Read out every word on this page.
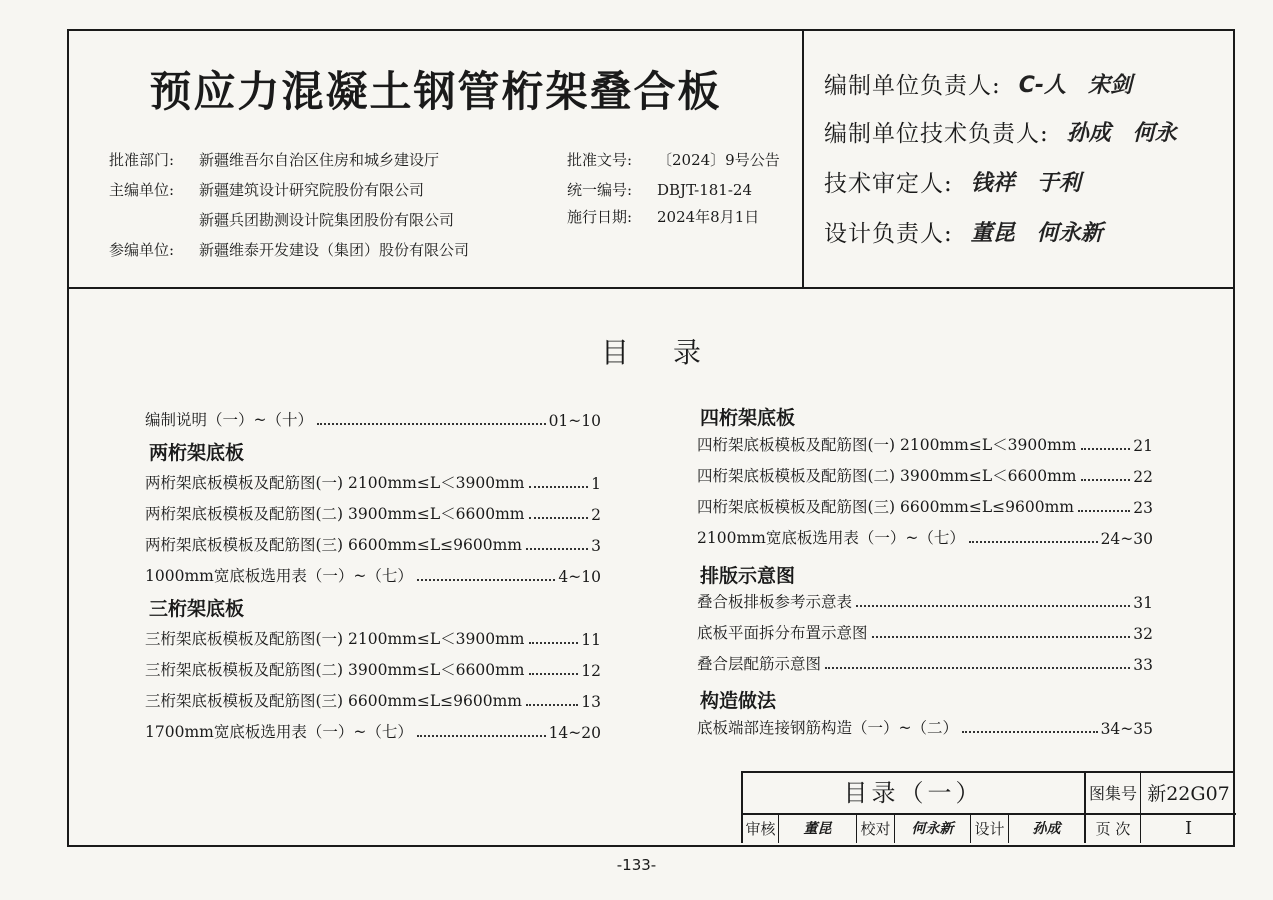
预应力混凝土钢管桁架叠合板
批准部门: 新疆维吾尔自治区住房和城乡建设厅
主编单位: 新疆建筑设计研究院股份有限公司
新疆兵团勘测设计院集团股份有限公司
参编单位: 新疆维泰开发建设（集团）股份有限公司
批准文号: 〔2024〕9号公告
统一编号: DBJT-181-24
施行日期: 2024年8月1日
编制单位负责人: C-人 宋剑
编制单位技术负责人: 孙成 何永
技术审定人: 钱祥 于利
设计负责人: 董昆 何永新
目录
编制说明（一）~（十）	01~10
两桁架底板
两桁架底板模板及配筋图(一) 2100mm≤L＜3900mm	1
两桁架底板模板及配筋图(二) 3900mm≤L＜6600mm	2
两桁架底板模板及配筋图(三) 6600mm≤L≤9600mm	3
1000mm宽底板选用表（一）~（七）	4~10
三桁架底板
三桁架底板模板及配筋图(一) 2100mm≤L＜3900mm	11
三桁架底板模板及配筋图(二) 3900mm≤L＜6600mm	12
三桁架底板模板及配筋图(三) 6600mm≤L≤9600mm	13
1700mm宽底板选用表（一）~（七）	14~20
四桁架底板
四桁架底板模板及配筋图(一) 2100mm≤L＜3900mm	21
四桁架底板模板及配筋图(二) 3900mm≤L＜6600mm	22
四桁架底板模板及配筋图(三) 6600mm≤L≤9600mm	23
2100mm宽底板选用表（一）~（七）	24~30
排版示意图
叠合板排板参考示意表	31
底板平面拆分布置示意图	32
叠合层配筋示意图	33
构造做法
底板端部连接钢筋构造（一）~（二）	34~35
目录（一）	图集号 新22G07
审核	董昆	校对	何永新	设计	孙成	页 次	I
-133-
